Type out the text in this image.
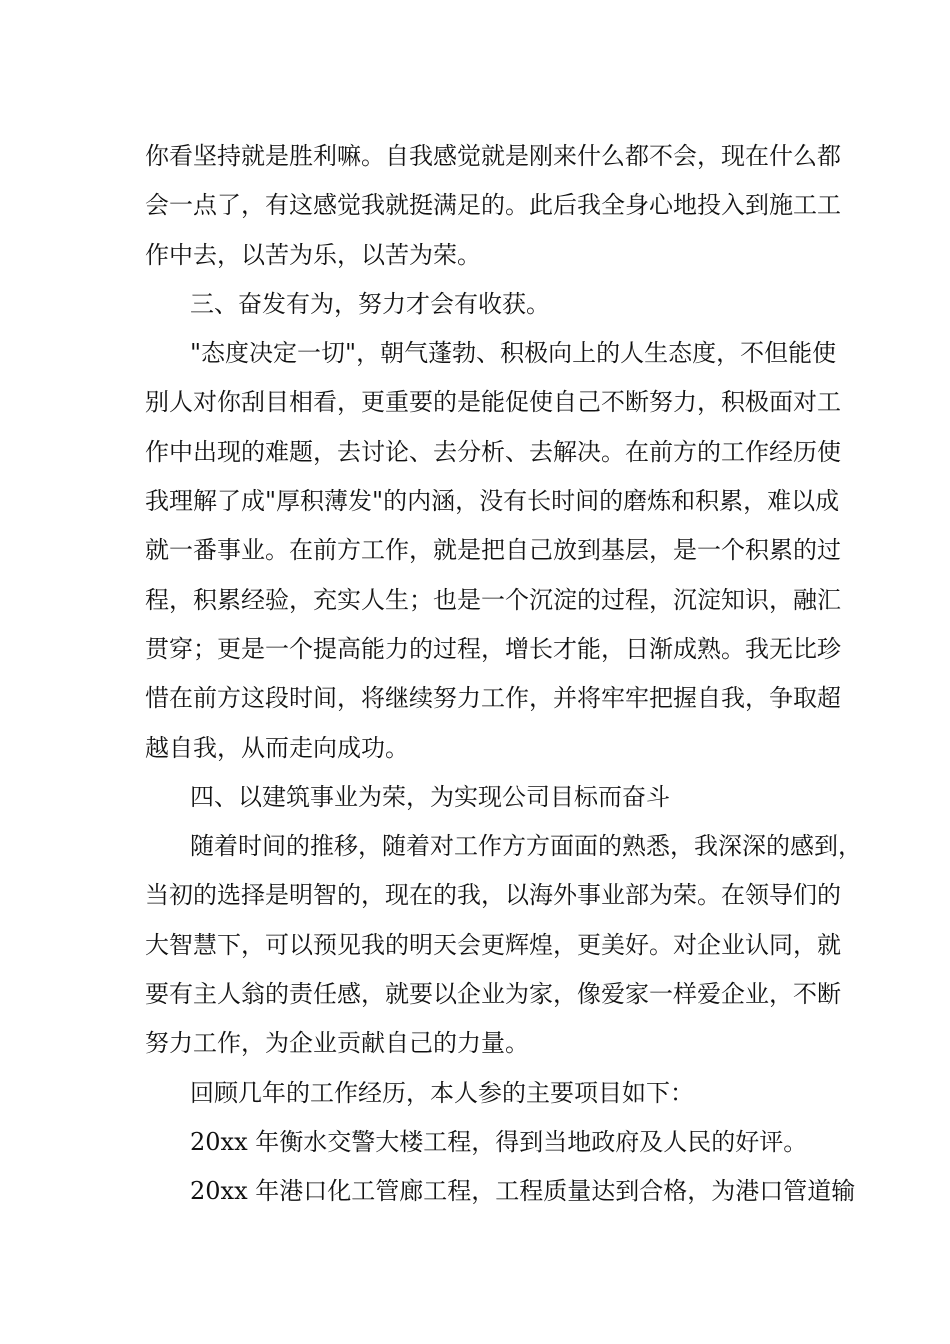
你看坚持就是胜利嘛。自我感觉就是刚来什么都不会，现在什么都
会一点了，有这感觉我就挺满足的。此后我全身心地投入到施工工
作中去，以苦为乐，以苦为荣。
三、奋发有为，努力才会有收获。
"态度决定一切"，朝气蓬勃、积极向上的人生态度，不但能使
别人对你刮目相看，更重要的是能促使自己不断努力，积极面对工
作中出现的难题，去讨论、去分析、去解决。在前方的工作经历使
我理解了成"厚积薄发"的内涵，没有长时间的磨炼和积累，难以成
就一番事业。在前方工作，就是把自己放到基层，是一个积累的过
程，积累经验，充实人生；也是一个沉淀的过程，沉淀知识，融汇
贯穿；更是一个提高能力的过程，增长才能，日渐成熟。我无比珍
惜在前方这段时间，将继续努力工作，并将牢牢把握自我，争取超
越自我，从而走向成功。
四、以建筑事业为荣，为实现公司目标而奋斗
随着时间的推移，随着对工作方方面面的熟悉，我深深的感到，
当初的选择是明智的，现在的我，以海外事业部为荣。在领导们的
大智慧下，可以预见我的明天会更辉煌，更美好。对企业认同，就
要有主人翁的责任感，就要以企业为家，像爱家一样爱企业，不断
努力工作，为企业贡献自己的力量。
回顾几年的工作经历，本人参的主要项目如下：
20xx 年衡水交警大楼工程，得到当地政府及人民的好评。
20xx 年港口化工管廊工程，工程质量达到合格，为港口管道输
